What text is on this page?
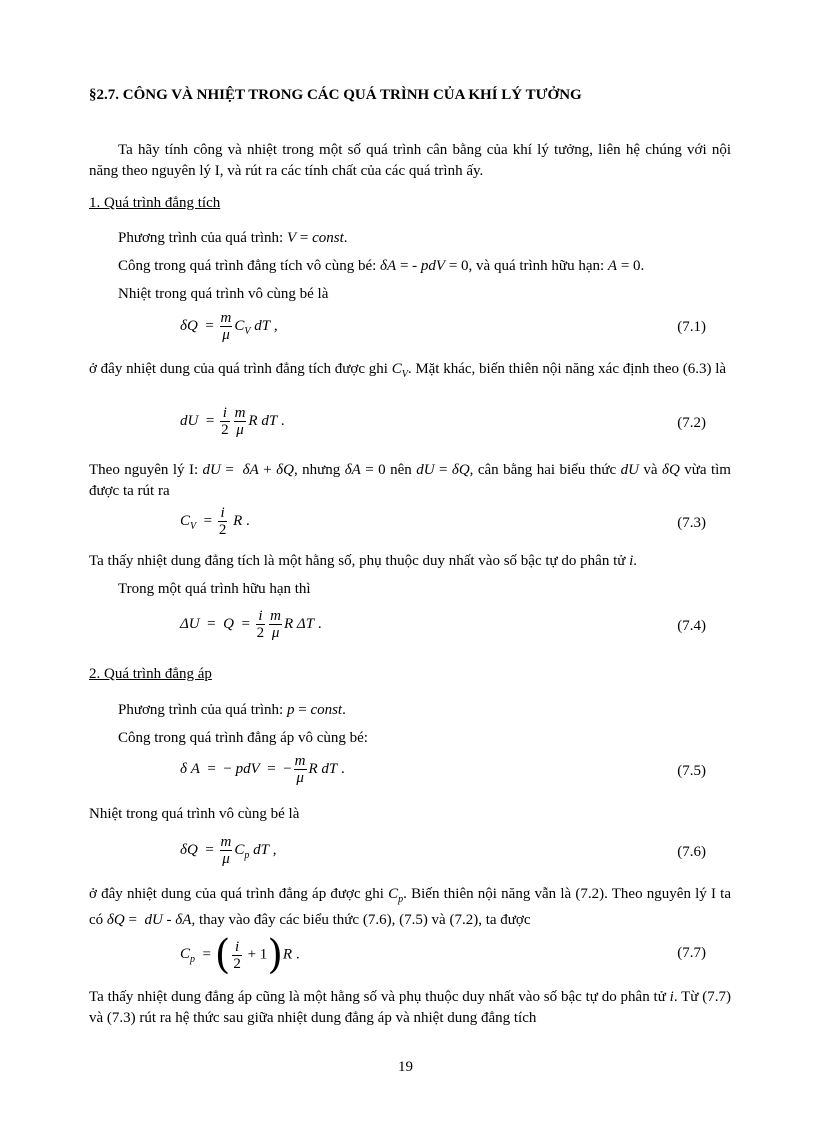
§2.7. CÔNG VÀ NHIỆT TRONG CÁC QUÁ TRÌNH CỦA KHÍ LÝ TƯỞNG
Ta hãy tính công và nhiệt trong một số quá trình cân bằng của khí lý tưởng, liên hệ chúng với nội năng theo nguyên lý I, và rút ra các tính chất của các quá trình ấy.
1. Quá trình đẳng tích
Phương trình của quá trình: V = const.
Công trong quá trình đẳng tích vô cùng bé: δA = - pdV = 0, và quá trình hữu hạn: A = 0.
Nhiệt trong quá trình vô cùng bé là
$\delta Q = \frac{m}{\mu} C_V$ dT ,	(7.1)
ở đây nhiệt dung của quá trình đẳng tích được ghi $C_V$. Mặt khác, biến thiên nội năng xác định theo (6.3) là
dU  = $\frac{i}{2} \frac{m}{\mu}$ R dT .	(7.2)
Theo nguyên lý I: dU =  δA + δQ, nhưng δA = 0 nên dU = δQ, cân bằng hai biểu thức dU và δQ vừa tìm được ta rút ra
$C_V = \frac{i}{2}$ R .	(7.3)
Ta thấy nhiệt dung đẳng tích là một hằng số, phụ thuộc duy nhất vào số bậc tự do phân tử i.
Trong một quá trình hữu hạn thì
$\Delta U = Q = \frac{i}{2} \frac{m}{\mu}$ R ΔT .	(7.4)
2. Quá trình đẳng áp
Phương trình của quá trình: p = const.
Công trong quá trình đẳng áp vô cùng bé:
δ A  =  − pdV  =  − $\frac{m}{\mu}$ R dT .	(7.5)
Nhiệt trong quá trình vô cùng bé là
$\delta Q = \frac{m}{\mu} C_p$ dT ,	(7.6)
ở đây nhiệt dung của quá trình đẳng áp được ghi $C_p$. Biến thiên nội năng vẫn là (7.2). Theo nguyên lý I ta có δQ =  dU - δA, thay vào đây các biểu thức (7.6), (7.5) và (7.2), ta được
$C_p$  = ( $\frac{i}{2} + 1)R$ .	(7.7)
Ta thấy nhiệt dung đẳng áp cũng là một hằng số và phụ thuộc duy nhất vào số bậc tự do phân tử i. Từ (7.7) và (7.3) rút ra hệ thức sau giữa nhiệt dung đẳng áp và nhiệt dung đẳng tích
19
